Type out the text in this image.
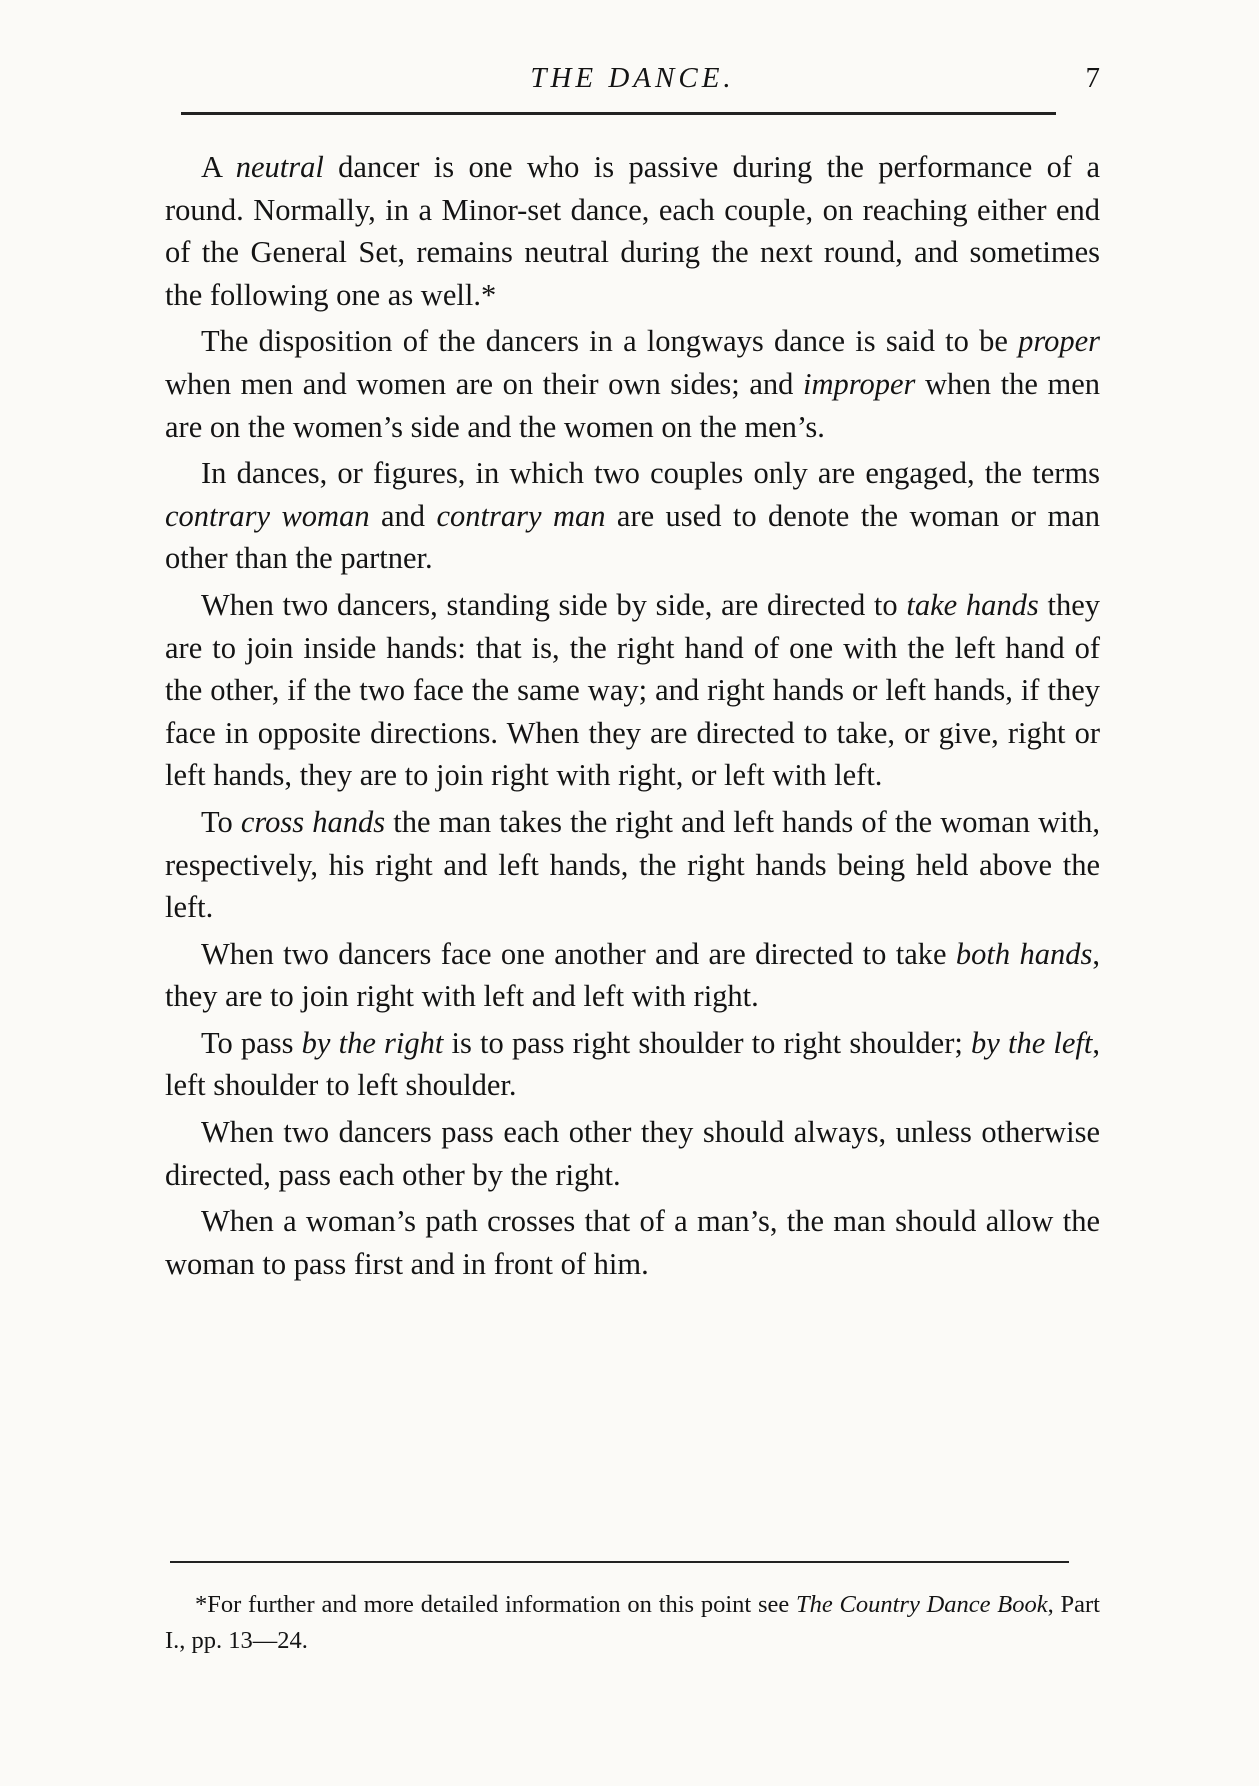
THE DANCE.	7

A neutral dancer is one who is passive during the performance of a round. Normally, in a Minor-set dance, each couple, on reaching either end of the General Set, remains neutral during the next round, and sometimes the following one as well.*

The disposition of the dancers in a longways dance is said to be proper when men and women are on their own sides; and improper when the men are on the women’s side and the women on the men’s.

In dances, or figures, in which two couples only are engaged, the terms contrary woman and contrary man are used to denote the woman or man other than the partner.

When two dancers, standing side by side, are directed to take hands they are to join inside hands: that is, the right hand of one with the left hand of the other, if the two face the same way; and right hands or left hands, if they face in opposite directions. When they are directed to take, or give, right or left hands, they are to join right with right, or left with left.

To cross hands the man takes the right and left hands of the woman with, respectively, his right and left hands, the right hands being held above the left.

When two dancers face one another and are directed to take both hands, they are to join right with left and left with right.

To pass by the right is to pass right shoulder to right shoulder; by the left, left shoulder to left shoulder.

When two dancers pass each other they should always, unless otherwise directed, pass each other by the right.

When a woman’s path crosses that of a man’s, the man should allow the woman to pass first and in front of him.

*For further and more detailed information on this point see The Country Dance Book, Part I., pp. 13—24.
